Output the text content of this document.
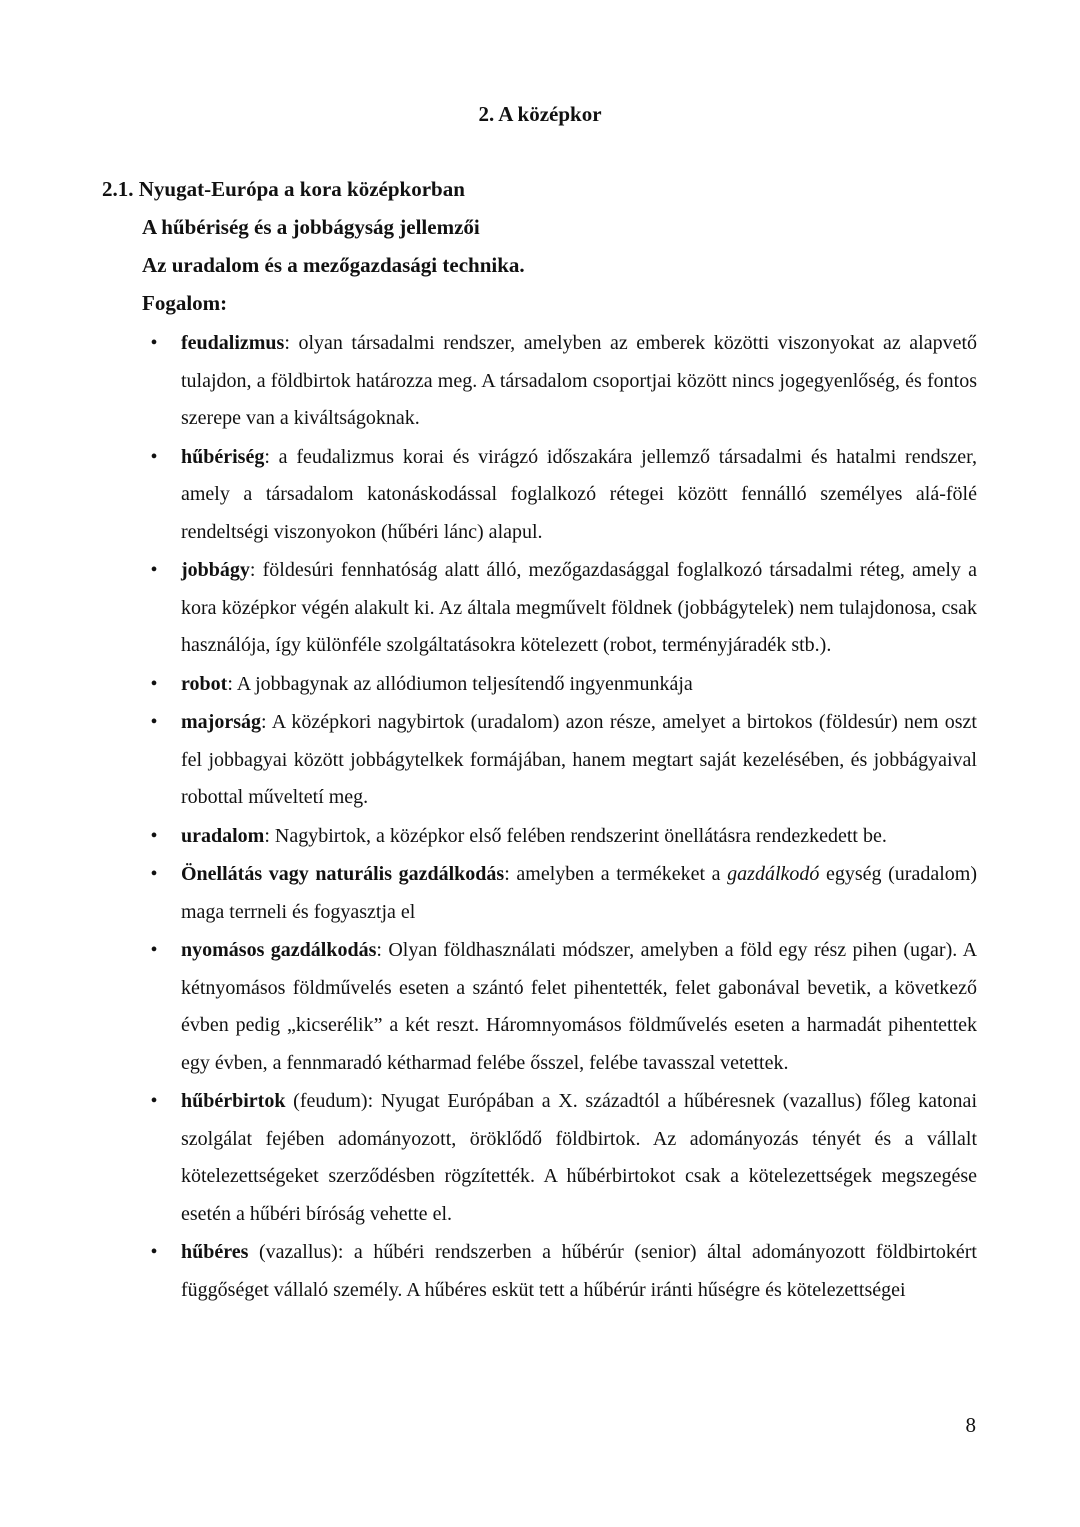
2. A középkor
2.1. Nyugat-Európa a kora középkorban
A hűbériség és a jobbágyság jellemzői
Az uradalom és a mezőgazdasági technika.
Fogalom:
• feudalizmus: olyan társadalmi rendszer, amelyben az emberek közötti viszonyokat az alapvető tulajdon, a földbirtok határozza meg. A társadalom csoportjai között nincs jogegyenlőség, és fontos szerepe van a kiváltságoknak.
• hűbériség: a feudalizmus korai és virágzó időszakára jellemző társadalmi és hatalmi rendszer, amely a társadalom katonáskodással foglalkozó rétegei között fennálló személyes alá-fölé rendeltségi viszonyokon (hűbéri lánc) alapul.
• jobbágy: földesúri fennhatóság alatt álló, mezőgazdasággal foglalkozó társadalmi réteg, amely a kora középkor végén alakult ki. Az általa megművelt földnek (jobbágytelek) nem tulajdonosa, csak használója, így különféle szolgáltatásokra kötelezett (robot, terményjáradék stb.).
• robot: A jobbagynak az allódiumon teljesítendő ingyenmunkája
• majorság: A középkori nagybirtok (uradalom) azon része, amelyet a birtokos (földesúr) nem oszt fel jobbagyai között jobbágytelkek formájában, hanem megtart saját kezelésében, és jobbágyaival robottal műveltetí meg.
• uradalom: Nagybirtok, a középkor első felében rendszerint önellátásra rendezkedett be.
• Önellátás vagy naturális gazdálkodás: amelyben a termékeket a gazdálkodó egység (uradalom) maga terrneli és fogyasztja el
• nyomásos gazdálkodás: Olyan földhasználati módszer, amelyben a föld egy rész pihen (ugar). A kétnyomásos földművelés eseten a szántó felet pihentették, felet gabonával bevetik, a következő évben pedig „kicserélik” a két reszt. Háromnyomásos földművelés eseten a harmadát pihentettek egy évben, a fennmaradó kétharmad felébe ősszel, felébe tavasszal vetettek.
• hűbérbirtok (feudum): Nyugat Európában a X. századtól a hűbéresnek (vazallus) főleg katonai szolgálat fejében adományozott, öröklődő földbirtok. Az adományozás tényét és a vállalt kötelezettségeket szerződésben rögzítették. A hűbérbirtokot csak a kötelezettségek megszegése esetén a hűbéri bíróság vehette el.
• hűbéres (vazallus): a hűbéri rendszerben a hűbérúr (senior) által adományozott földbirtokért függőséget vállaló személy. A hűbéres esküt tett a hűbérúr iránti hűségre és kötelezettségei
8
